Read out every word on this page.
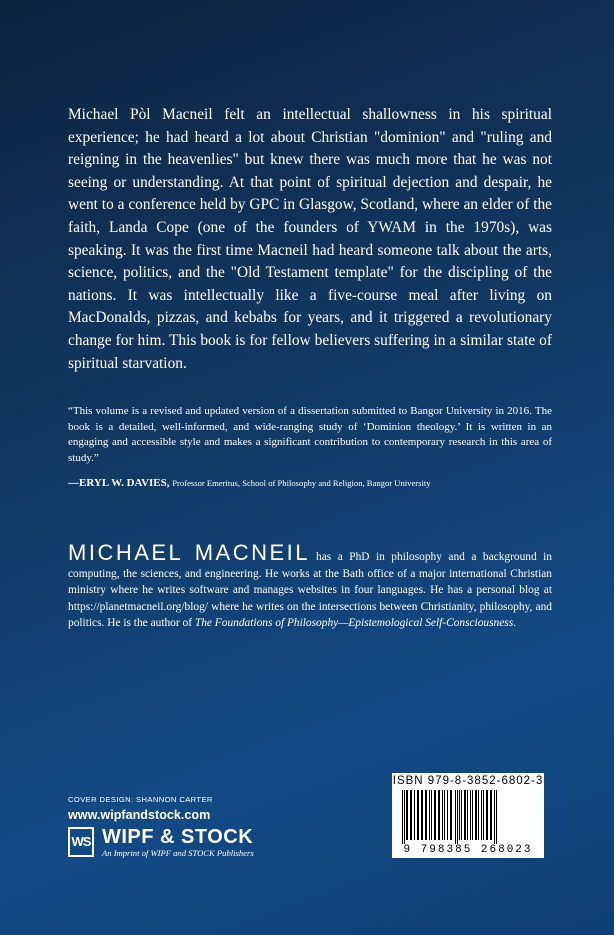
Michael Pòl Macneil felt an intellectual shallowness in his spiritual experience; he had heard a lot about Christian "dominion" and "ruling and reigning in the heavenlies" but knew there was much more that he was not seeing or understanding. At that point of spiritual dejection and despair, he went to a conference held by GPC in Glasgow, Scotland, where an elder of the faith, Landa Cope (one of the founders of YWAM in the 1970s), was speaking. It was the first time Macneil had heard someone talk about the arts, science, politics, and the "Old Testament template" for the discipling of the nations. It was intellectually like a five-course meal after living on MacDonalds, pizzas, and kebabs for years, and it triggered a revolutionary change for him. This book is for fellow believers suffering in a similar state of spiritual starvation.

“This volume is a revised and updated version of a dissertation submitted to Bangor University in 2016. The book is a detailed, well-informed, and wide-ranging study of ‘Dominion theology.’ It is written in an engaging and accessible style and makes a significant contribution to contemporary research in this area of study.”

—ERYL W. DAVIES, Professor Emeritus, School of Philosophy and Religion, Bangor University

MICHAEL MACNEIL has a PhD in philosophy and a background in computing, the sciences, and engineering. He works at the Bath office of a major international Christian ministry where he writes software and manages websites in four languages. He has a personal blog at https://planetmacneil.org/blog/ where he writes on the intersections between Christianity, philosophy, and politics. He is the author of The Foundations of Philosophy—Epistemological Self-Consciousness.

COVER DESIGN: SHANNON CARTER
www.wipfandstock.com
WS WIPF & STOCK
An Imprint of WIPF and STOCK Publishers
ISBN 979-8-3852-6802-3
9 798385 268023
